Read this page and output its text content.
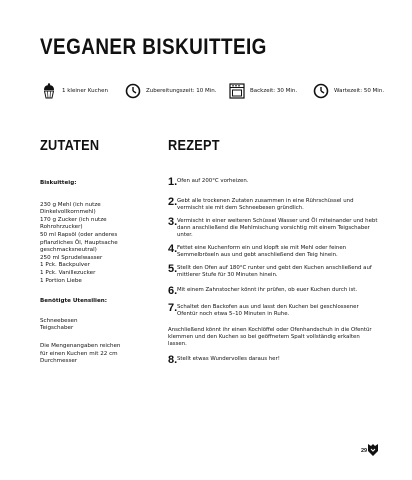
VEGANER BISKUITTEIG
1 kleiner Kuchen	Zubereitungszeit: 10 Min.	Backzeit: 30 Min.	Wartezeit: 50 Min.
ZUTATEN	REZEPT

Biskuitteig:

230 g Mehl (ich nutze

Dinkelvollkornmehl)

170 g Zucker (ich nutze

Rohrohrzucker)

50 ml Rapsöl (oder anderes

pflanzliches Öl, Hauptsache

geschmacksneutral)

250 ml Sprudelwasser

1 Pck. Backpulver

1 Pck. Vanillezucker

1 Portion Liebe

Benötigte Utensilien:

Schneebesen

Teigschaber

Die Mengenangaben reichen

für einen Kuchen mit 22 cm

Durchmesser

1. Ofen auf 200°C vorheizen.
2. Gebt alle trockenen Zutaten zusammen in eine Rührschüssel und vermischt sie mit dem Schneebesen gründlich.
3. Vermischt in einer weiteren Schüssel Wasser und Öl miteinander und hebt dann anschließend die Mehlmischung vorsichtig mit einem Teigschaber unter.
4. Fettet eine Kuchenform ein und klopft sie mit Mehl oder feinen Semmelbröseln aus und gebt anschließend den Teig hinein.
5. Stellt den Ofen auf 180°C runter und gebt den Kuchen anschließend auf mittlerer Stufe für 30 Minuten hinein.
6. Mit einem Zahnstocher könnt ihr prüfen, ob euer Kuchen durch ist.
7. Schaltet den Backofen aus und lasst den Kuchen bei geschlossener Ofentür noch etwa 5–10 Minuten in Ruhe.

Anschließend könnt ihr einen Kochlöffel oder Ofenhandschuh in die Ofentür klemmen und den Kuchen so bei geöffnetem Spalt vollständig erkalten lassen.

8. Stellt etwas Wundervolles daraus her!
29
